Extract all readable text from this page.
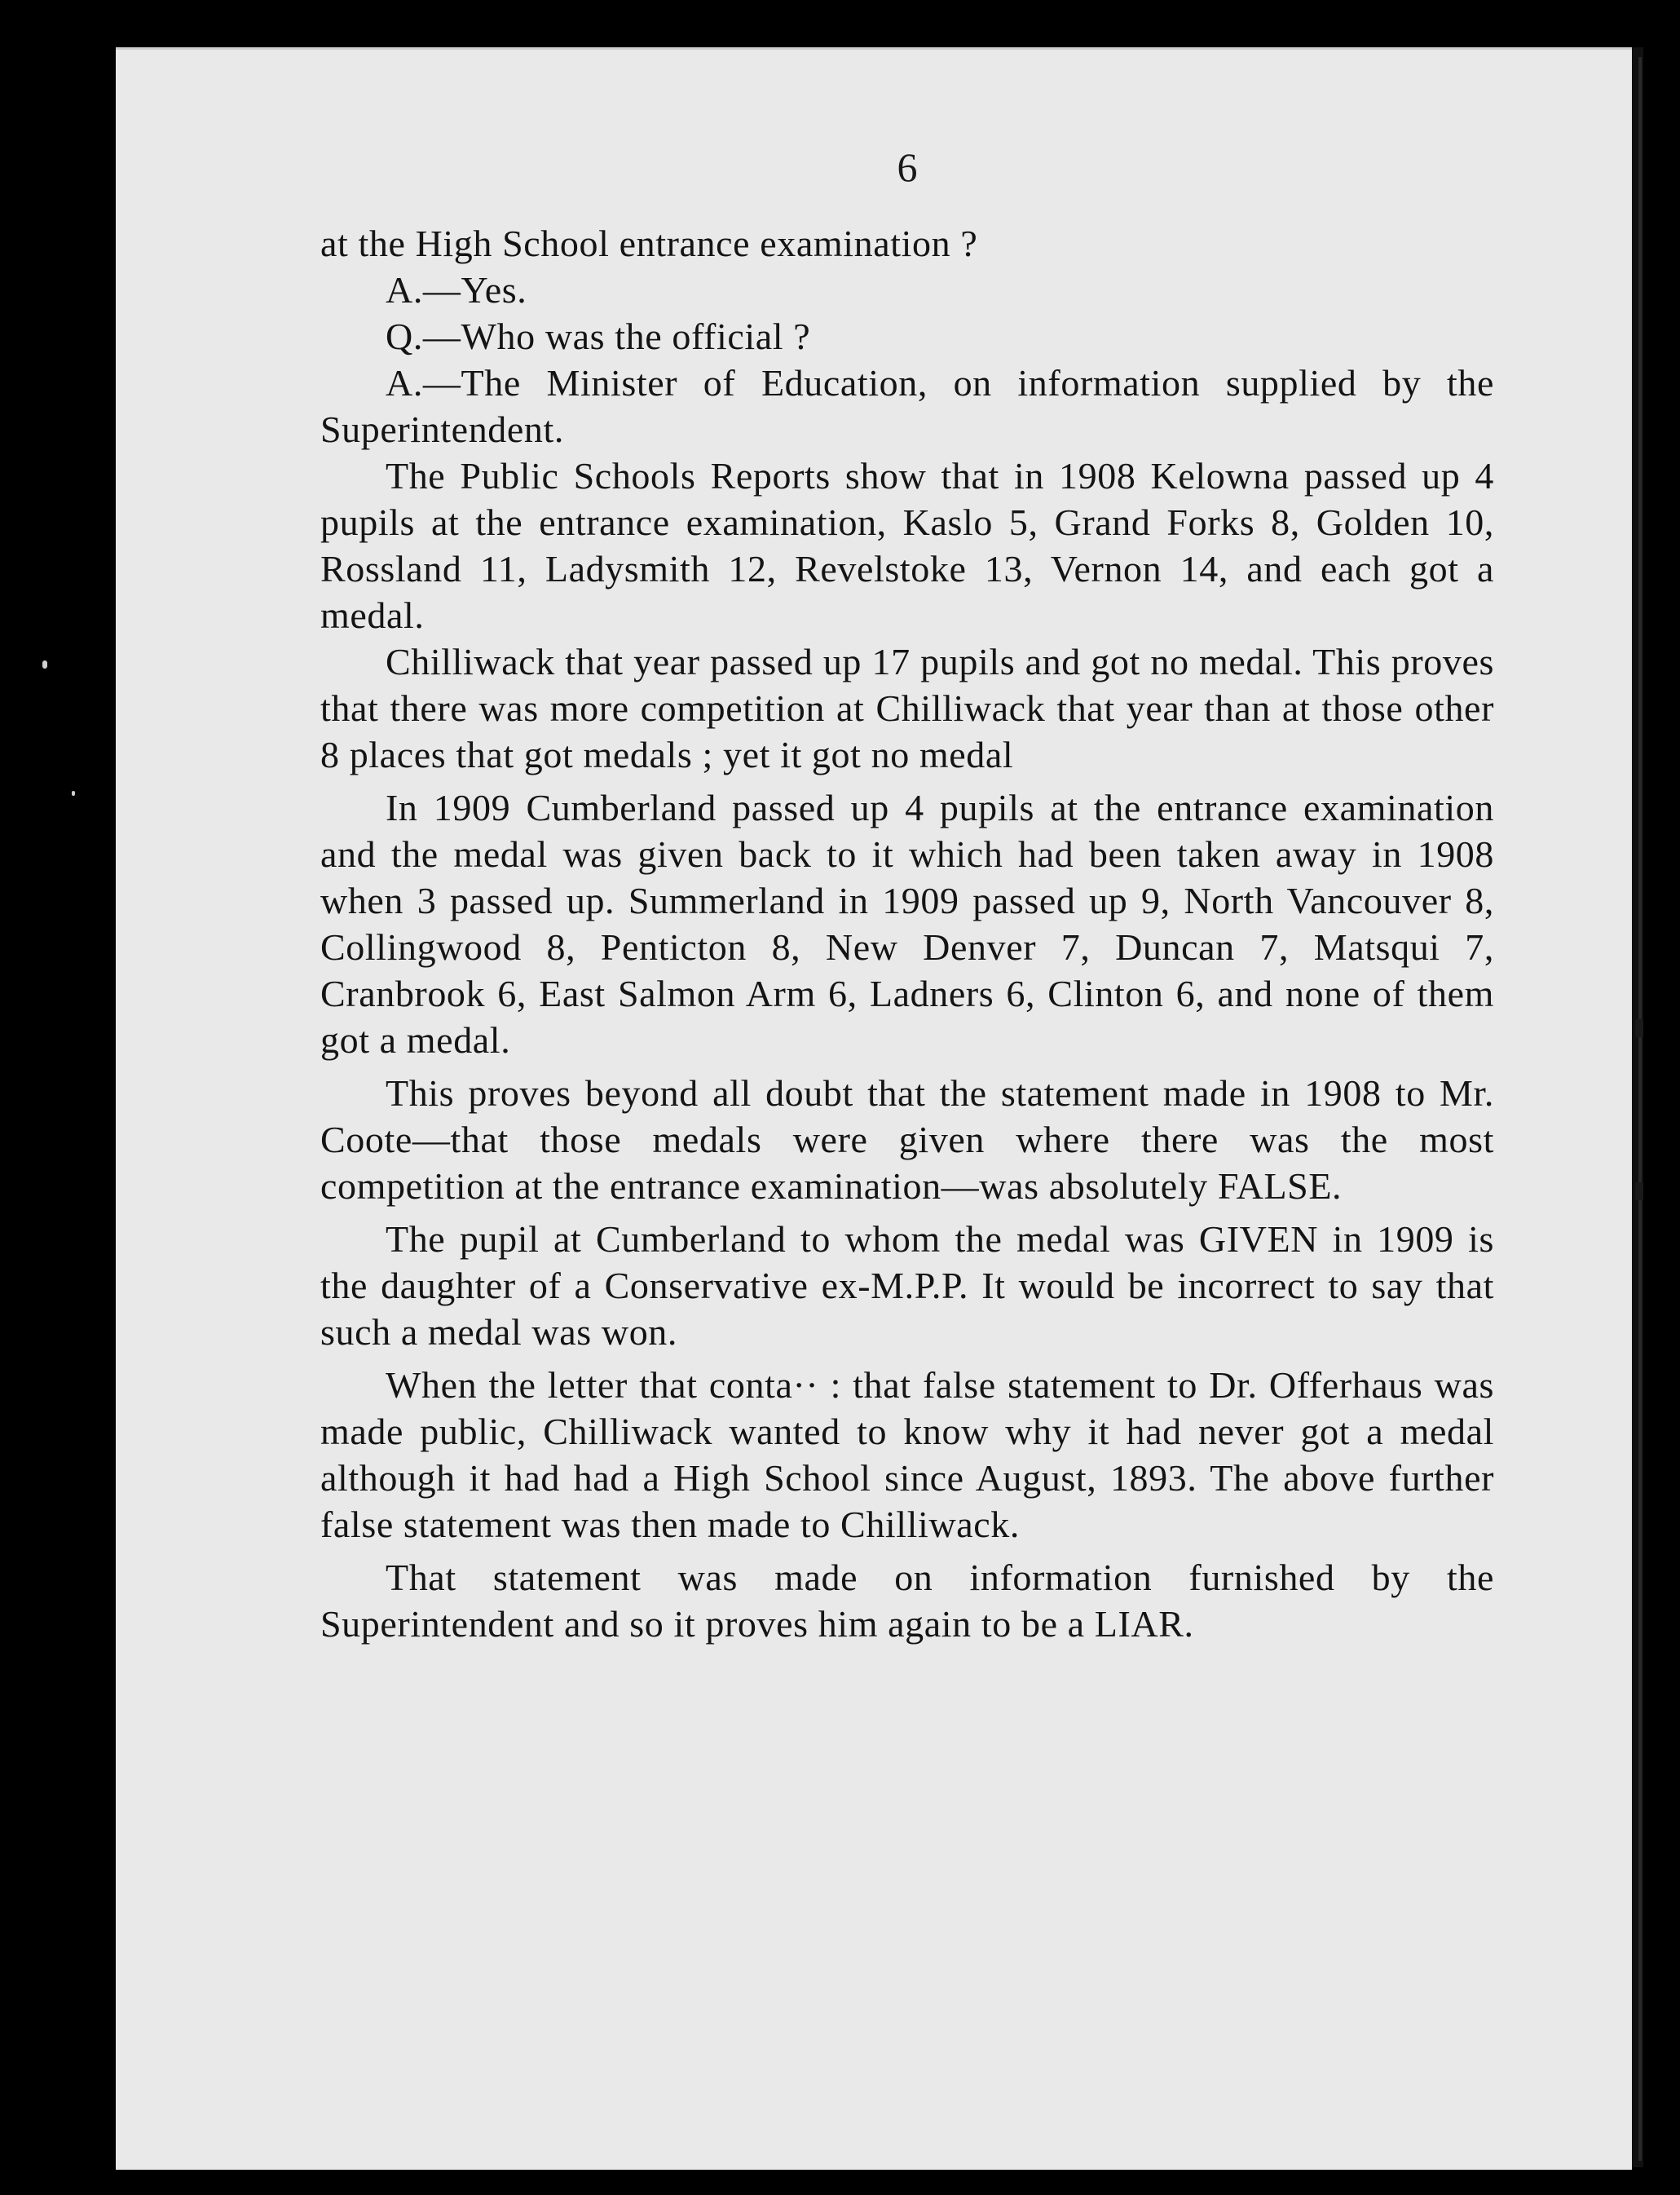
6

at the High School entrance examination ?

A.—Yes.

Q.—Who was the official ?

A.—The Minister of Education, on information supplied by the Superintendent.

The Public Schools Reports show that in 1908 Kelowna passed up 4 pupils at the entrance examination, Kaslo 5, Grand Forks 8, Golden 10, Rossland 11, Ladysmith 12, Revelstoke 13, Vernon 14, and each got a medal.

Chilliwack that year passed up 17 pupils and got no medal. This proves that there was more competition at Chilliwack that year than at those other 8 places that got medals ; yet it got no medal

In 1909 Cumberland passed up 4 pupils at the entrance examination and the medal was given back to it which had been taken away in 1908 when 3 passed up. Summerland in 1909 passed up 9, North Vancouver 8, Collingwood 8, Penticton 8, New Denver 7, Duncan 7, Matsqui 7, Cranbrook 6, East Salmon Arm 6, Ladners 6, Clinton 6, and none of them got a medal.

This proves beyond all doubt that the statement made in 1908 to Mr. Coote—that those medals were given where there was the most competition at the entrance examination—was absolutely FALSE.

The pupil at Cumberland to whom the medal was GIVEN in 1909 is the daughter of a Conservative ex-M.P.P. It would be incorrect to say that such a medal was won.

When the letter that conta·· : that false statement to Dr. Offerhaus was made public, Chilliwack wanted to know why it had never got a medal although it had had a High School since August, 1893. The above further false statement was then made to Chilliwack.

That statement was made on information furnished by the Superintendent and so it proves him again to be a LIAR.
